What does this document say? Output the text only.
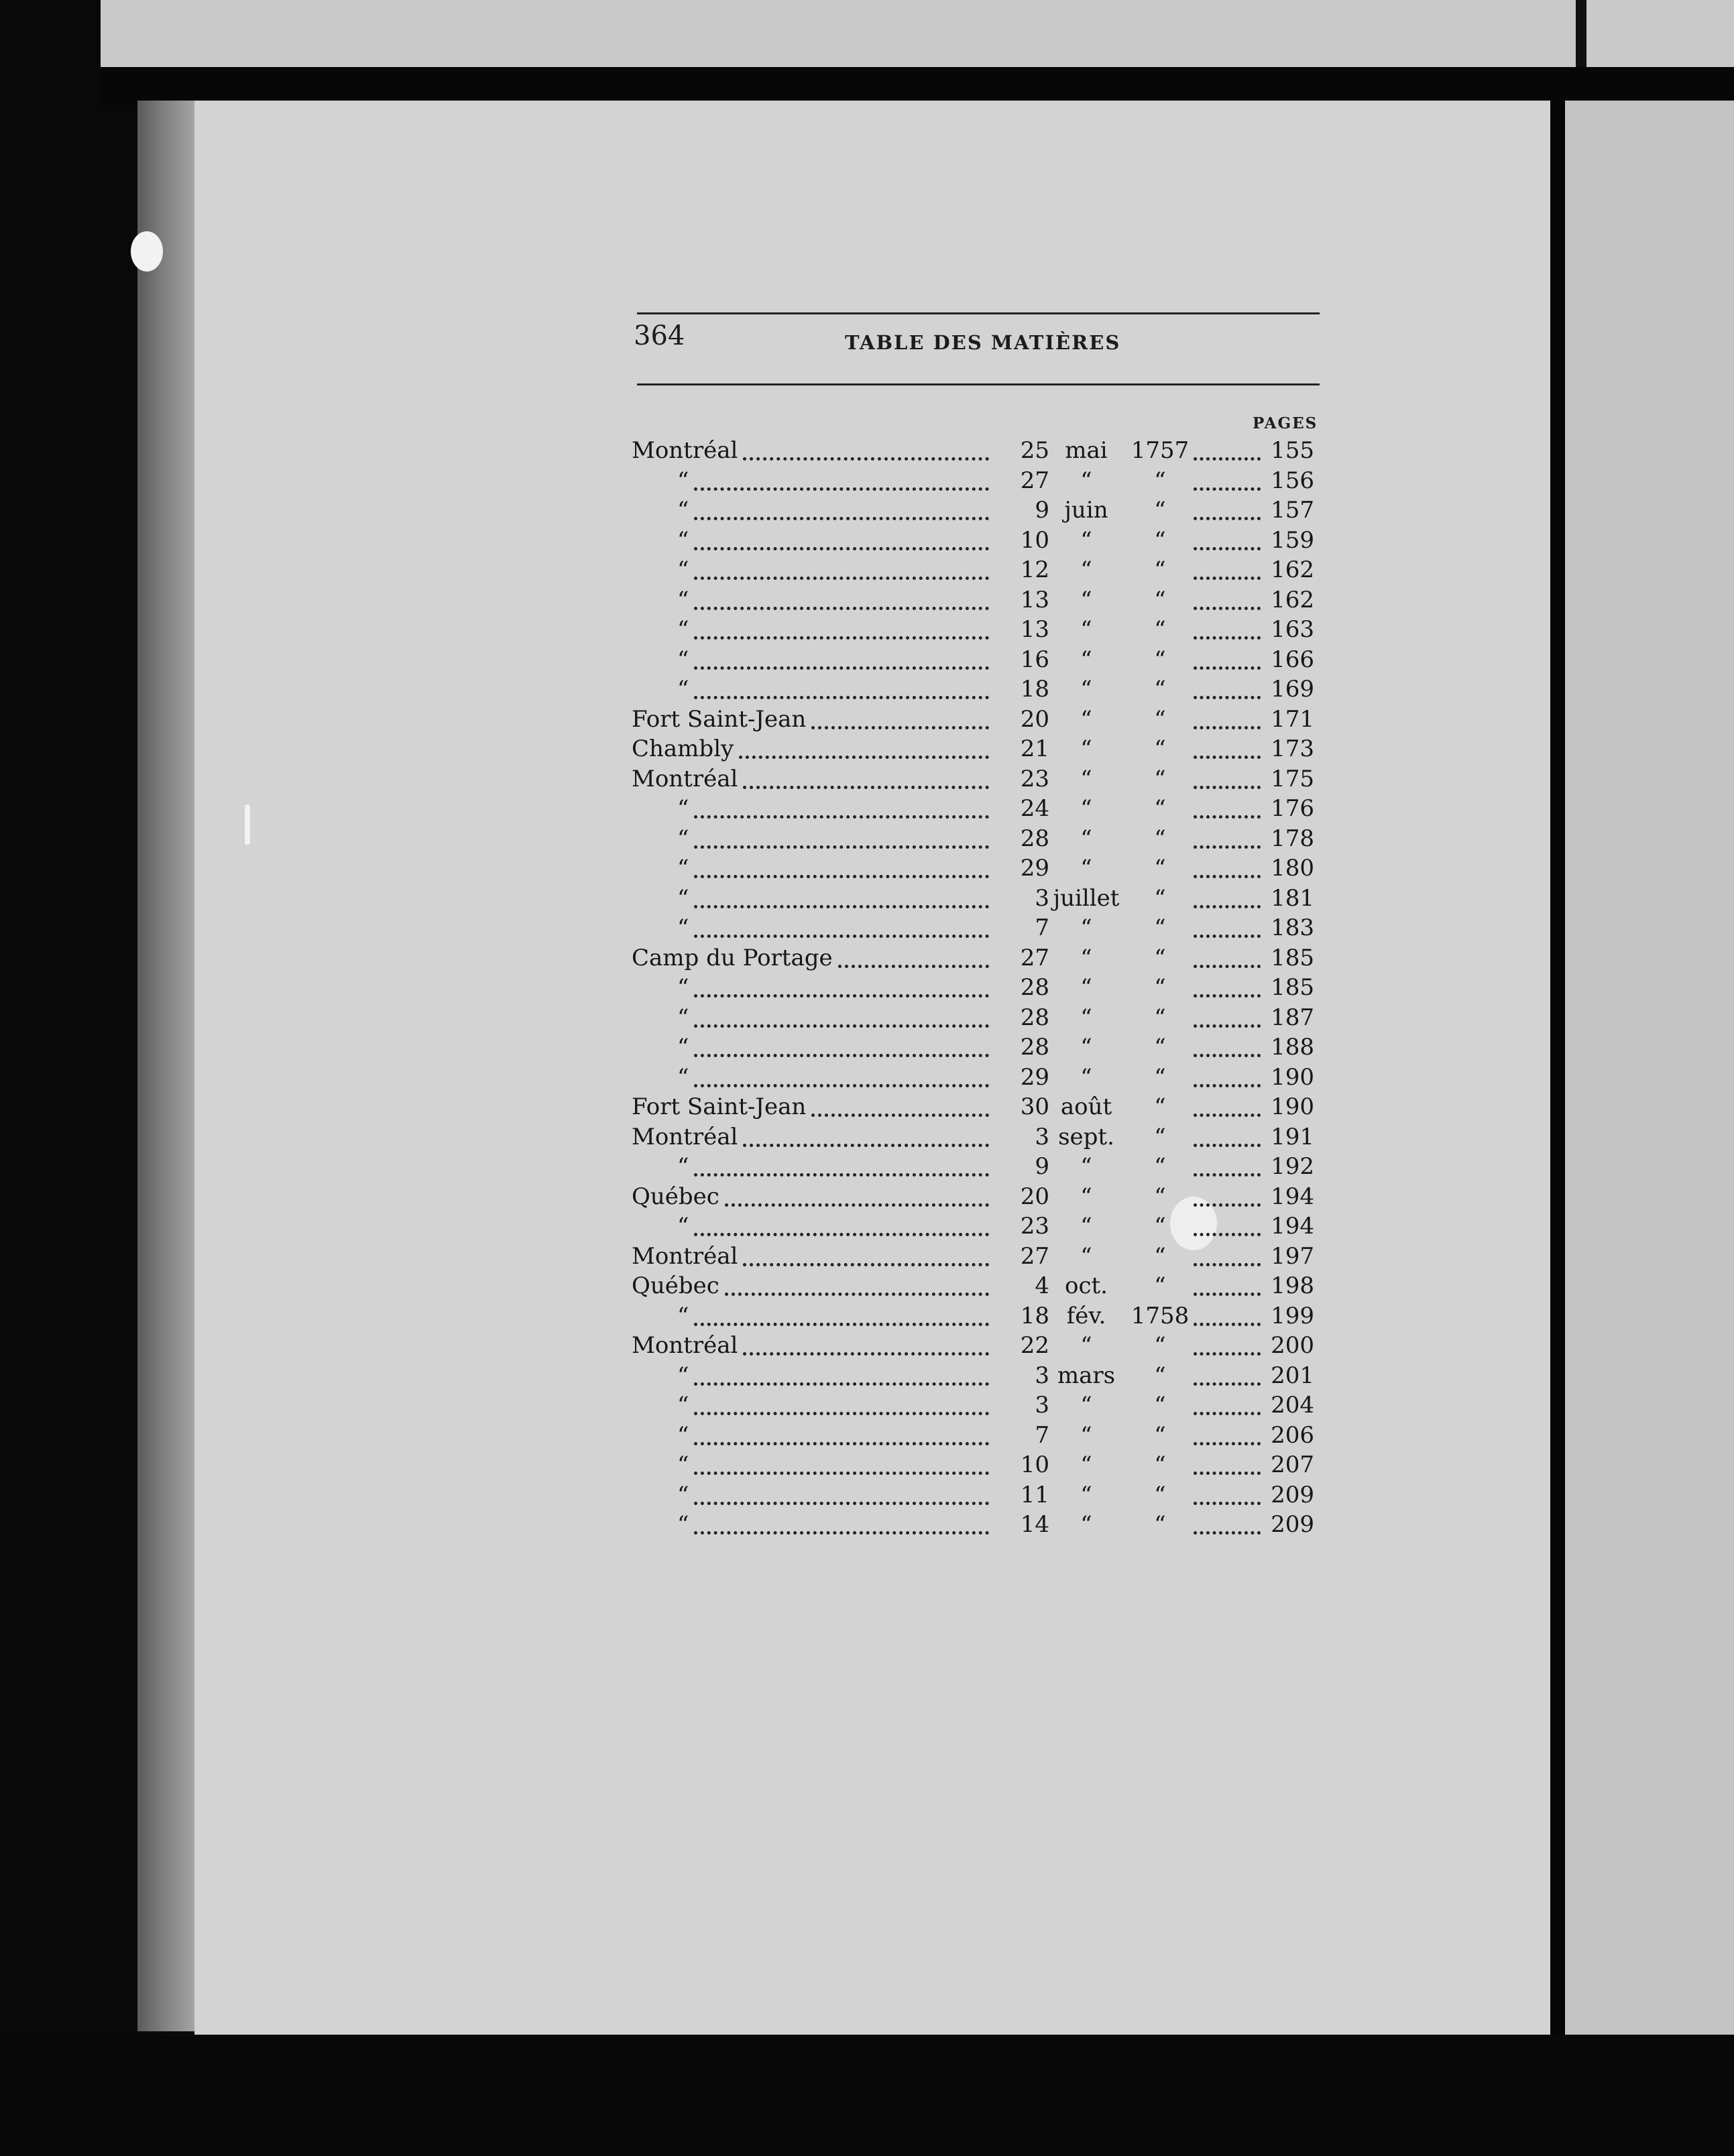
364	TABLE DES MATIÈRES
PAGES
Montréal	25 mai	1757	155
“	27	“	“	156
“	9 juin	“	157
“	10	“	“	159
“	12	“	“	162
“	13	“	“	162
“	13	“	“	163
“	16	“	“	166
“	18	“	“	169
Fort Saint-Jean	20	“	“	171
Chambly	21	“	“	173
Montréal	23	“	“	175
“	24	“	“	176
“	28	“	“	178
“	29	“	“	180
“	3 juillet	“	181
“	7	“	“	183
Camp du Portage	27	“	“	185
“	28	“	“	185
“	28	“	“	187
“	28	“	“	188
“	29	“	“	190
Fort Saint-Jean	30 août	“	190
Montréal	3 sept.	“	191
“	9	“	“	192
Québec	20	“	“	194
“	23	“	“	194
Montréal	27	“	“	197
Québec	4 oct.	“	198
“	18 fév.	1758	199
Montréal	22	“	“	200
“	3 mars	“	201
“	3	“	“	204
“	7	“	“	206
“	10	“	“	207
“	11	“	“	209
“	14	“	“	209
